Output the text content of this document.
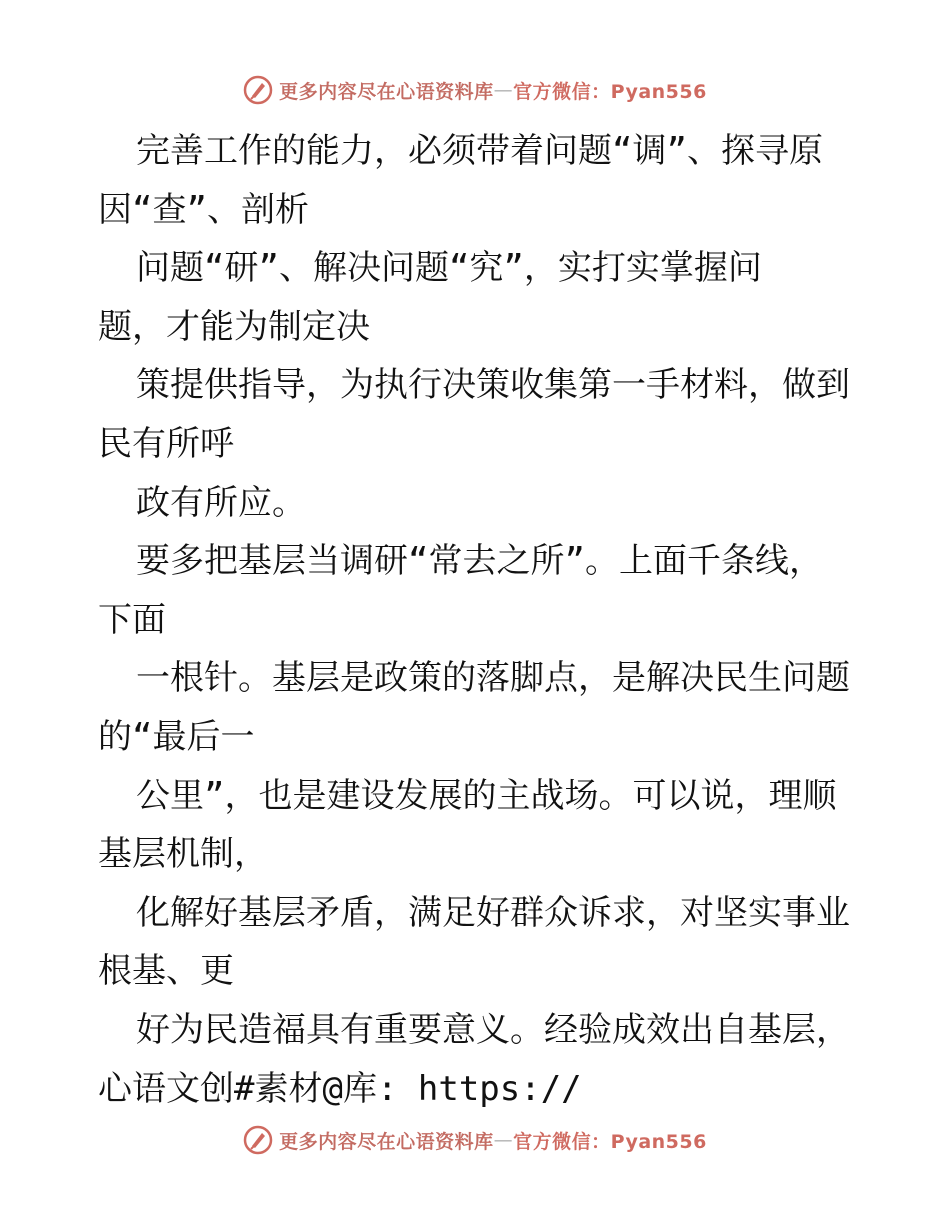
更多内容尽在心语资料库 — 官方微信：Pyan556
完善工作的能力，必须带着问题“调”、探寻原
因“查”、剖析
问题“研”、解决问题“究”，实打实掌握问
题，才能为制定决
策提供指导，为执行决策收集第一手材料，做到
民有所呼
政有所应。
要多把基层当调研“常去之所”。上面千条线，
下面
一根针。基层是政策的落脚点，是解决民生问题
的“最后一
公里”，也是建设发展的主战场。可以说，理顺
基层机制，
化解好基层矛盾，满足好群众诉求，对坚实事业
根基、更
好为民造福具有重要意义。经验成效出自基层，
心语文创#素材@库: https://
更多内容尽在心语资料库 — 官方微信：Pyan556
